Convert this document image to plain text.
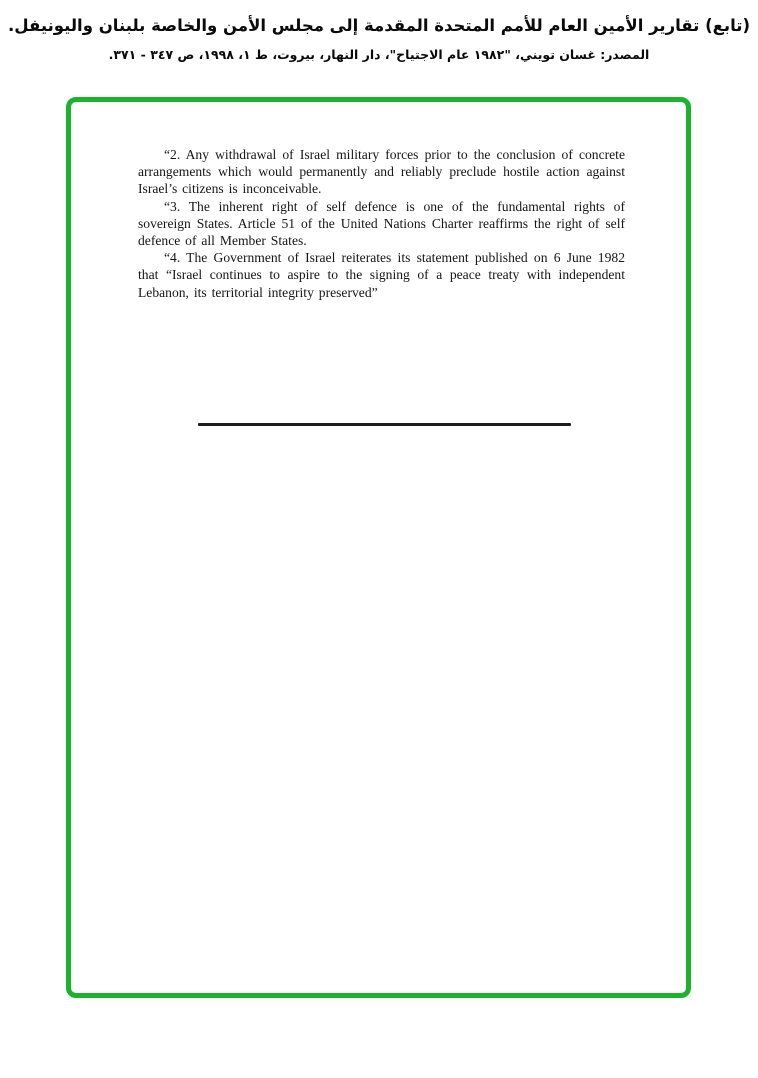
(تابع) تقارير الأمين العام للأمم المتحدة المقدمة إلى مجلس الأمن والخاصة بلبنان واليونيفل.
المصدر: غسان تويني، "١٩٨٢ عام الاجتياح"، دار النهار، بيروت، ط ١، ١٩٩٨، ص ٣٤٧ - ٣٧١.

“2. Any withdrawal of Israel military forces prior to the conclusion of concrete arrangements which would permanently and reliably preclude hostile action against Israel’s citizens is inconceivable.

“3. The inherent right of self defence is one of the fundamental rights of sovereign States. Article 51 of the United Nations Charter reaffirms the right of self defence of all Member States.

“4. The Government of Israel reiterates its statement published on 6 June 1982 that “Israel continues to aspire to the signing of a peace treaty with independent Lebanon, its territorial integrity preserved”
